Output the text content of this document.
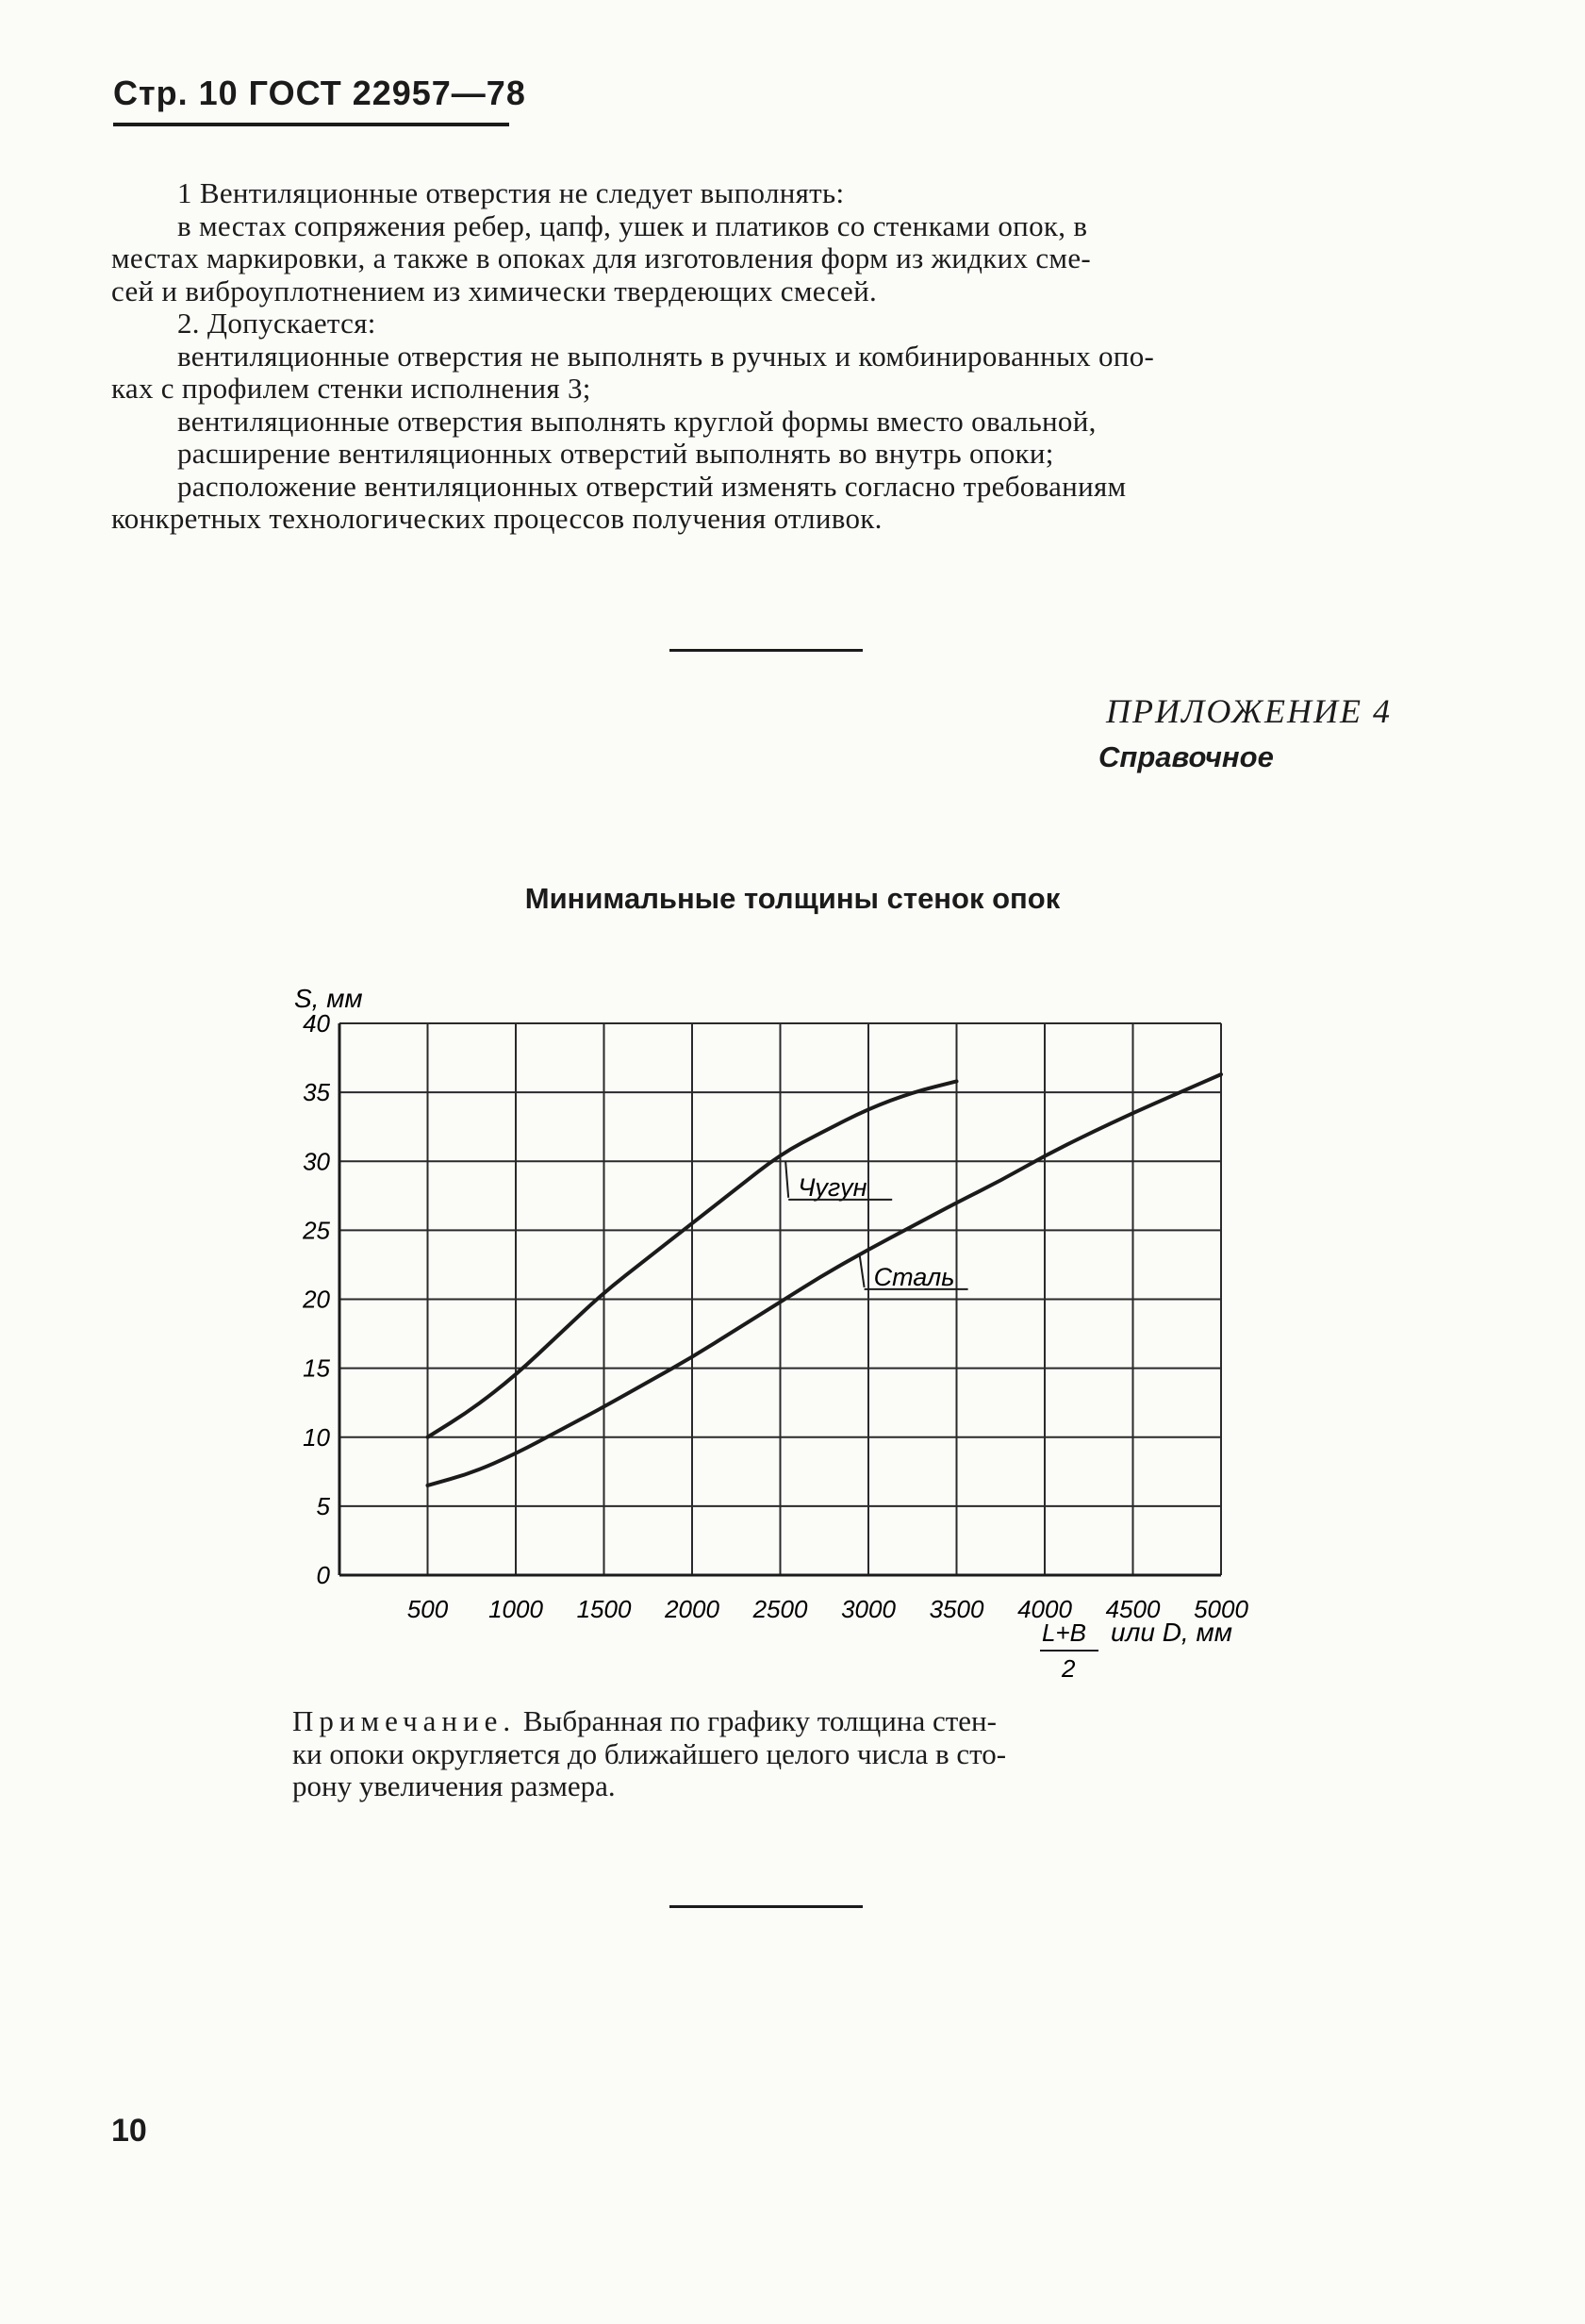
Стр. 10 ГОСТ 22957—78
1 Вентиляционные отверстия не следует выполнять:
в местах сопряжения ребер, цапф, ушек и платиков со стенками опок, в
местах маркировки, а также в опоках для изготовления форм из жидких сме-
сей и виброуплотнением из химически твердеющих смесей.
2. Допускается:
вентиляционные отверстия не выполнять в ручных и комбинированных опо-
ках с профилем стенки исполнения 3;
вентиляционные отверстия выполнять круглой формы вместо овальной,
расширение вентиляционных отверстий выполнять во внутрь опоки;
расположение вентиляционных отверстий изменять согласно требованиям
конкретных технологических процессов получения отливок.
ПРИЛОЖЕНИЕ 4
Справочное
Минимальные толщины стенок опок
0
5
10
15
20
25
30
35
40
500 1000 1500 2000 2500 3000 3500 4000 4500 5000
Чугун
Сталь
S, мм
L+B
2
или D, мм
Примечание. Выбранная по графику толщина стен-
ки опоки округляется до ближайшего целого числа в сто-
рону увеличения размера.
10
